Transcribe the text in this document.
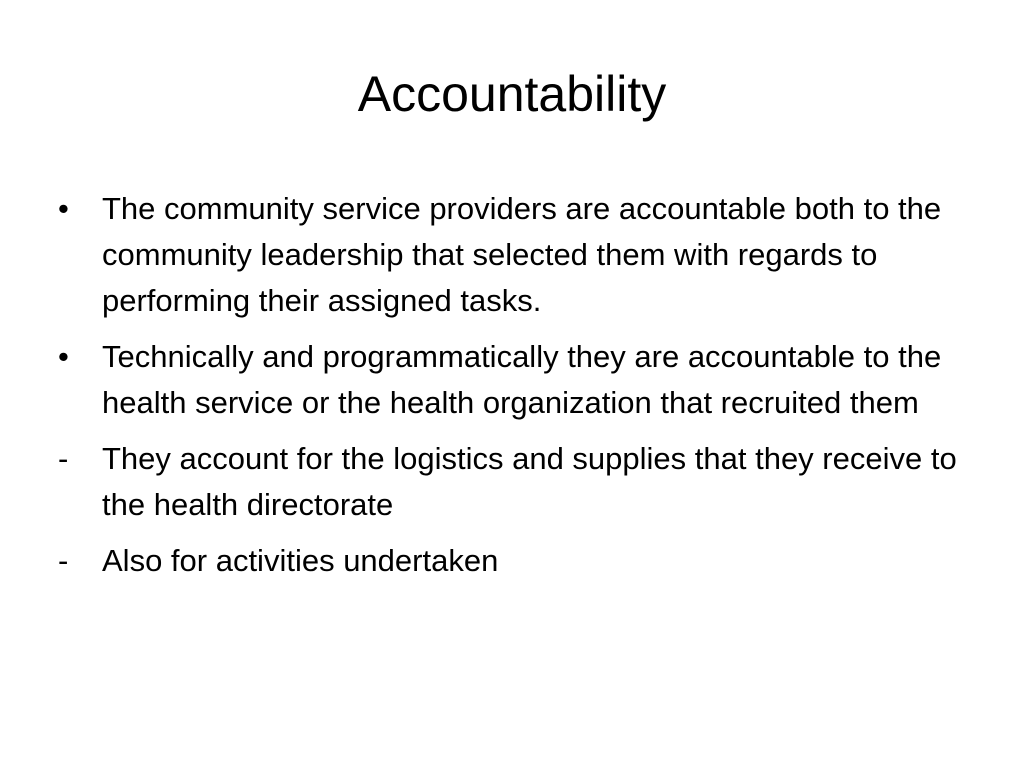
Accountability
•	The community service providers are accountable both to the community leadership that selected them with regards to performing their assigned tasks.
•	Technically and programmatically they are accountable to the health service or the health organization that recruited them
-	They account for the logistics and supplies that they receive to the health directorate
-	Also for activities undertaken
